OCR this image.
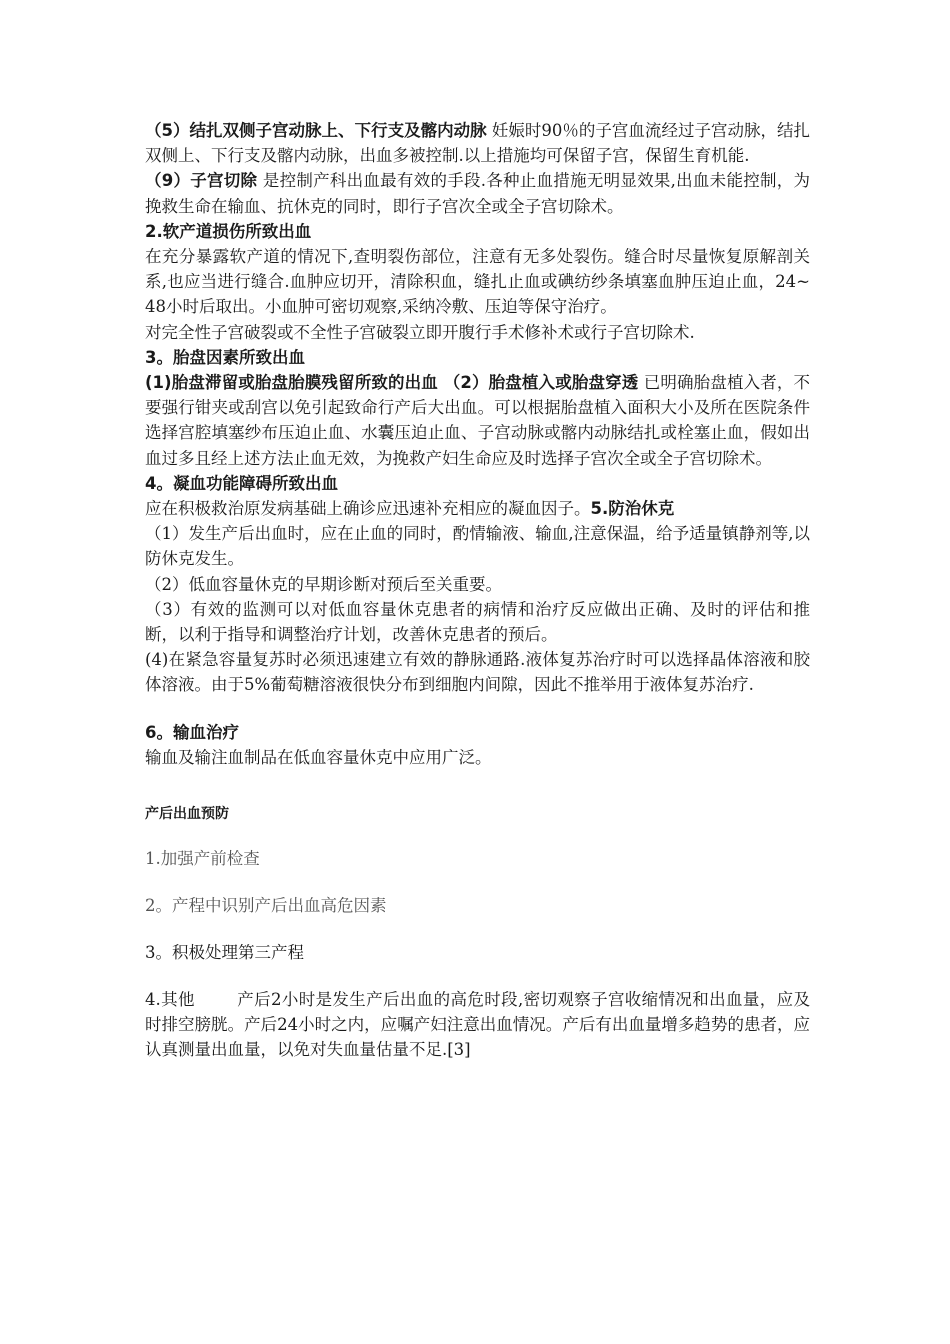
（5）结扎双侧子宫动脉上、下行支及髂内动脉 妊娠时90％的子宫血流经过子宫动脉，结扎双侧上、下行支及髂内动脉，出血多被控制.以上措施均可保留子宫，保留生育机能.

（9）子宫切除 是控制产科出血最有效的手段.各种止血措施无明显效果,出血未能控制，为挽救生命在输血、抗休克的同时，即行子宫次全或全子宫切除术。

2.软产道损伤所致出血

在充分暴露软产道的情况下,查明裂伤部位，注意有无多处裂伤。缝合时尽量恢复原解剖关系,也应当进行缝合.血肿应切开，清除积血，缝扎止血或碘纺纱条填塞血肿压迫止血，24~48小时后取出。小血肿可密切观察,采纳冷敷、压迫等保守治疗。

对完全性子宫破裂或不全性子宫破裂立即开腹行手术修补术或行子宫切除术.

3。胎盘因素所致出血

(1)胎盘滞留或胎盘胎膜残留所致的出血 （2）胎盘植入或胎盘穿透 已明确胎盘植入者，不要强行钳夹或刮宫以免引起致命行产后大出血。可以根据胎盘植入面积大小及所在医院条件选择宫腔填塞纱布压迫止血、水囊压迫止血、子宫动脉或髂内动脉结扎或栓塞止血，假如出血过多且经上述方法止血无效，为挽救产妇生命应及时选择子宫次全或全子宫切除术。

4。凝血功能障碍所致出血

应在积极救治原发病基础上确诊应迅速补充相应的凝血因子。5.防治休克

（1）发生产后出血时，应在止血的同时，酌情输液、输血,注意保温，给予适量镇静剂等,以防休克发生。

（2）低血容量休克的早期诊断对预后至关重要。

（3）有效的监测可以对低血容量休克患者的病情和治疗反应做出正确、及时的评估和推断，以利于指导和调整治疗计划，改善休克患者的预后。

(4)在紧急容量复苏时必须迅速建立有效的静脉通路.液体复苏治疗时可以选择晶体溶液和胶体溶液。由于5%葡萄糖溶液很快分布到细胞内间隙，因此不推举用于液体复苏治疗.

6。输血治疗

输血及输注血制品在低血容量休克中应用广泛。

产后出血预防

1.加强产前检查

2。产程中识别产后出血高危因素

3。积极处理第三产程

4.其他	产后2小时是发生产后出血的高危时段,密切观察子宫收缩情况和出血量，应及时排空膀胱。产后24小时之内，应嘱产妇注意出血情况。产后有出血量增多趋势的患者，应认真测量出血量，以免对失血量估量不足.[3]
